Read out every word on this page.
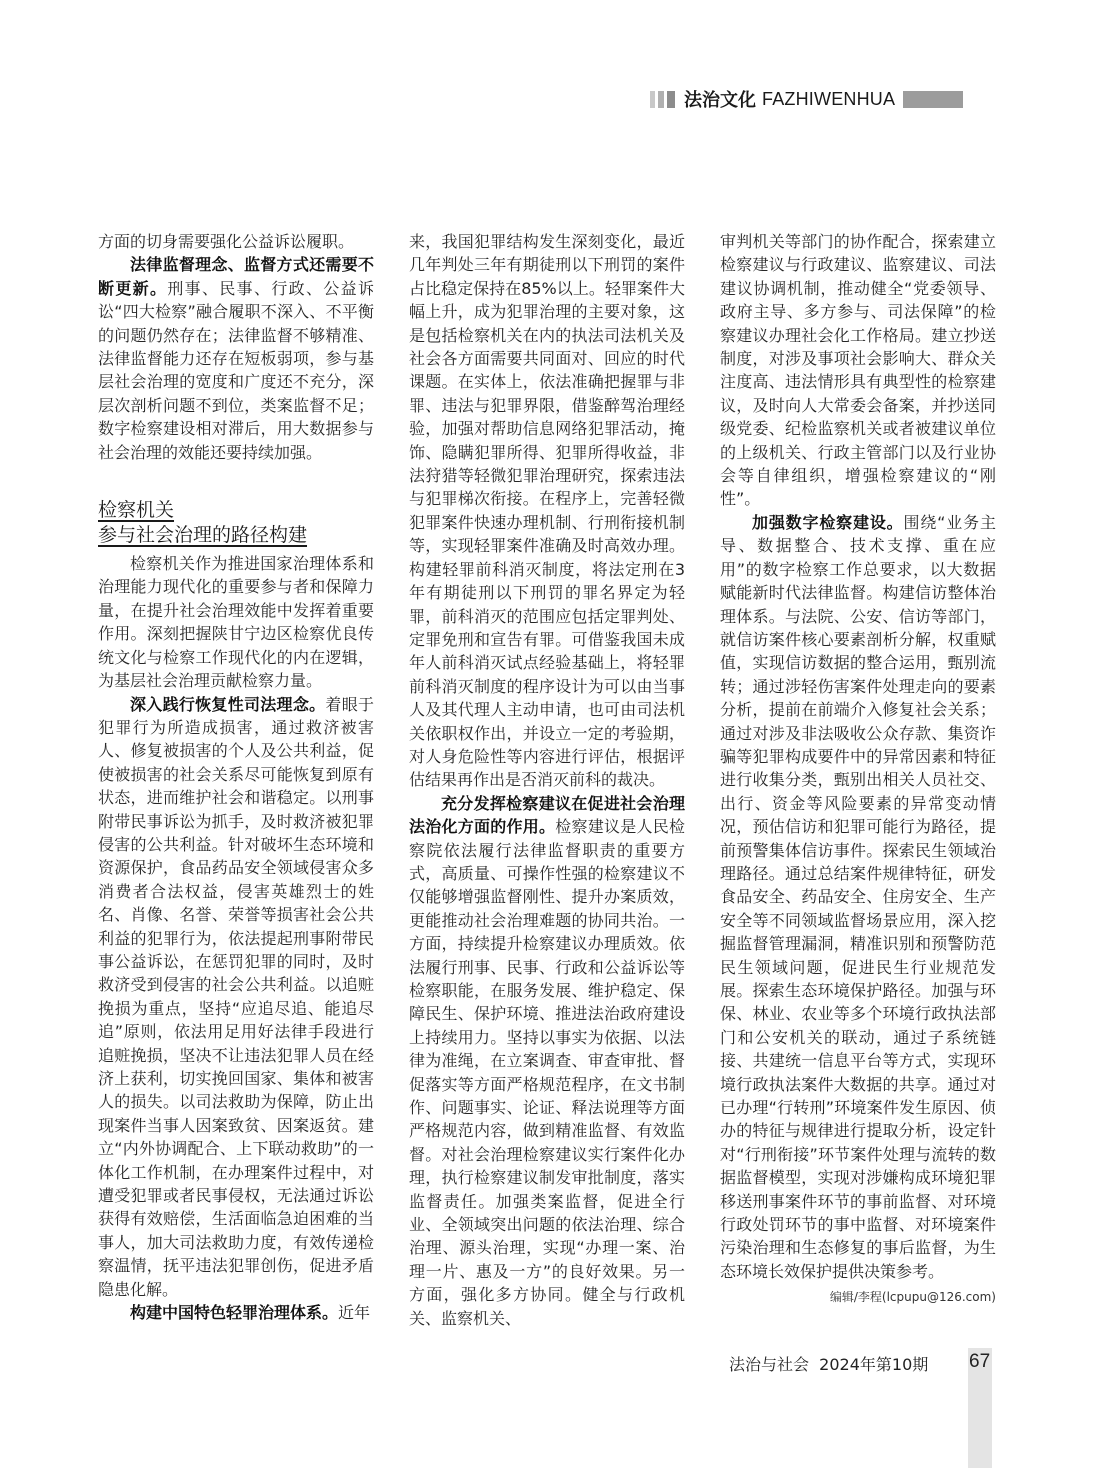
法治文化 FAZHIWENHUA

方面的切身需要强化公益诉讼履职。

法律监督理念、监督方式还需要不断更新。刑事、民事、行政、公益诉讼“四大检察”融合履职不深入、不平衡的问题仍然存在；法律监督不够精准、法律监督能力还存在短板弱项，参与基层社会治理的宽度和广度还不充分，深层次剖析问题不到位，类案监督不足；数字检察建设相对滞后，用大数据参与社会治理的效能还要持续加强。

检察机关
参与社会治理的路径构建

检察机关作为推进国家治理体系和治理能力现代化的重要参与者和保障力量，在提升社会治理效能中发挥着重要作用。深刻把握陕甘宁边区检察优良传统文化与检察工作现代化的内在逻辑，为基层社会治理贡献检察力量。

深入践行恢复性司法理念。着眼于犯罪行为所造成损害，通过救济被害人、修复被损害的个人及公共利益，促使被损害的社会关系尽可能恢复到原有状态，进而维护社会和谐稳定。以刑事附带民事诉讼为抓手，及时救济被犯罪侵害的公共利益。针对破坏生态环境和资源保护，食品药品安全领域侵害众多消费者合法权益，侵害英雄烈士的姓名、肖像、名誉、荣誉等损害社会公共利益的犯罪行为，依法提起刑事附带民事公益诉讼，在惩罚犯罪的同时，及时救济受到侵害的社会公共利益。以追赃挽损为重点，坚持“应追尽追、能追尽追”原则，依法用足用好法律手段进行追赃挽损，坚决不让违法犯罪人员在经济上获利，切实挽回国家、集体和被害人的损失。以司法救助为保障，防止出现案件当事人因案致贫、因案返贫。建立“内外协调配合、上下联动救助”的一体化工作机制，在办理案件过程中，对遭受犯罪或者民事侵权，无法通过诉讼获得有效赔偿，生活面临急迫困难的当事人，加大司法救助力度，有效传递检察温情，抚平违法犯罪创伤，促进矛盾隐患化解。

构建中国特色轻罪治理体系。近年

来，我国犯罪结构发生深刻变化，最近几年判处三年有期徒刑以下刑罚的案件占比稳定保持在85%以上。轻罪案件大幅上升，成为犯罪治理的主要对象，这是包括检察机关在内的执法司法机关及社会各方面需要共同面对、回应的时代课题。在实体上，依法准确把握罪与非罪、违法与犯罪界限，借鉴醉驾治理经验，加强对帮助信息网络犯罪活动，掩饰、隐瞒犯罪所得、犯罪所得收益，非法狩猎等轻微犯罪治理研究，探索违法与犯罪梯次衔接。在程序上，完善轻微犯罪案件快速办理机制、行刑衔接机制等，实现轻罪案件准确及时高效办理。构建轻罪前科消灭制度，将法定刑在3年有期徒刑以下刑罚的罪名界定为轻罪，前科消灭的范围应包括定罪判处、定罪免刑和宣告有罪。可借鉴我国未成年人前科消灭试点经验基础上，将轻罪前科消灭制度的程序设计为可以由当事人及其代理人主动申请，也可由司法机关依职权作出，并设立一定的考验期，对人身危险性等内容进行评估，根据评估结果再作出是否消灭前科的裁决。

充分发挥检察建议在促进社会治理法治化方面的作用。检察建议是人民检察院依法履行法律监督职责的重要方式，高质量、可操作性强的检察建议不仅能够增强监督刚性、提升办案质效，更能推动社会治理难题的协同共治。一方面，持续提升检察建议办理质效。依法履行刑事、民事、行政和公益诉讼等检察职能，在服务发展、维护稳定、保障民生、保护环境、推进法治政府建设上持续用力。坚持以事实为依据、以法律为准绳，在立案调查、审查审批、督促落实等方面严格规范程序，在文书制作、问题事实、论证、释法说理等方面严格规范内容，做到精准监督、有效监督。对社会治理检察建议实行案件化办理，执行检察建议制发审批制度，落实监督责任。加强类案监督，促进全行业、全领域突出问题的依法治理、综合治理、源头治理，实现“办理一案、治理一片、惠及一方”的良好效果。另一方面，强化多方协同。健全与行政机关、监察机关、

审判机关等部门的协作配合，探索建立检察建议与行政建议、监察建议、司法建议协调机制，推动健全“党委领导、政府主导、多方参与、司法保障”的检察建议办理社会化工作格局。建立抄送制度，对涉及事项社会影响大、群众关注度高、违法情形具有典型性的检察建议，及时向人大常委会备案，并抄送同级党委、纪检监察机关或者被建议单位的上级机关、行政主管部门以及行业协会等自律组织，增强检察建议的“刚性”。

加强数字检察建设。围绕“业务主导、数据整合、技术支撑、重在应用”的数字检察工作总要求，以大数据赋能新时代法律监督。构建信访整体治理体系。与法院、公安、信访等部门，就信访案件核心要素剖析分解，权重赋值，实现信访数据的整合运用，甄别流转；通过涉轻伤害案件处理走向的要素分析，提前在前端介入修复社会关系；通过对涉及非法吸收公众存款、集资诈骗等犯罪构成要件中的异常因素和特征进行收集分类，甄别出相关人员社交、出行、资金等风险要素的异常变动情况，预估信访和犯罪可能行为路径，提前预警集体信访事件。探索民生领域治理路径。通过总结案件规律特征，研发食品安全、药品安全、住房安全、生产安全等不同领域监督场景应用，深入挖掘监督管理漏洞，精准识别和预警防范民生领域问题，促进民生行业规范发展。探索生态环境保护路径。加强与环保、林业、农业等多个环境行政执法部门和公安机关的联动，通过子系统链接、共建统一信息平台等方式，实现环境行政执法案件大数据的共享。通过对已办理“行转刑”环境案件发生原因、侦办的特征与规律进行提取分析，设定针对“行刑衔接”环节案件处理与流转的数据监督模型，实现对涉嫌构成环境犯罪移送刑事案件环节的事前监督、对环境行政处罚环节的事中监督、对环境案件污染治理和生态修复的事后监督，为生态环境长效保护提供决策参考。

编辑/李程(lcpupu@126.com)
法治与社会  2024年第10期 67
